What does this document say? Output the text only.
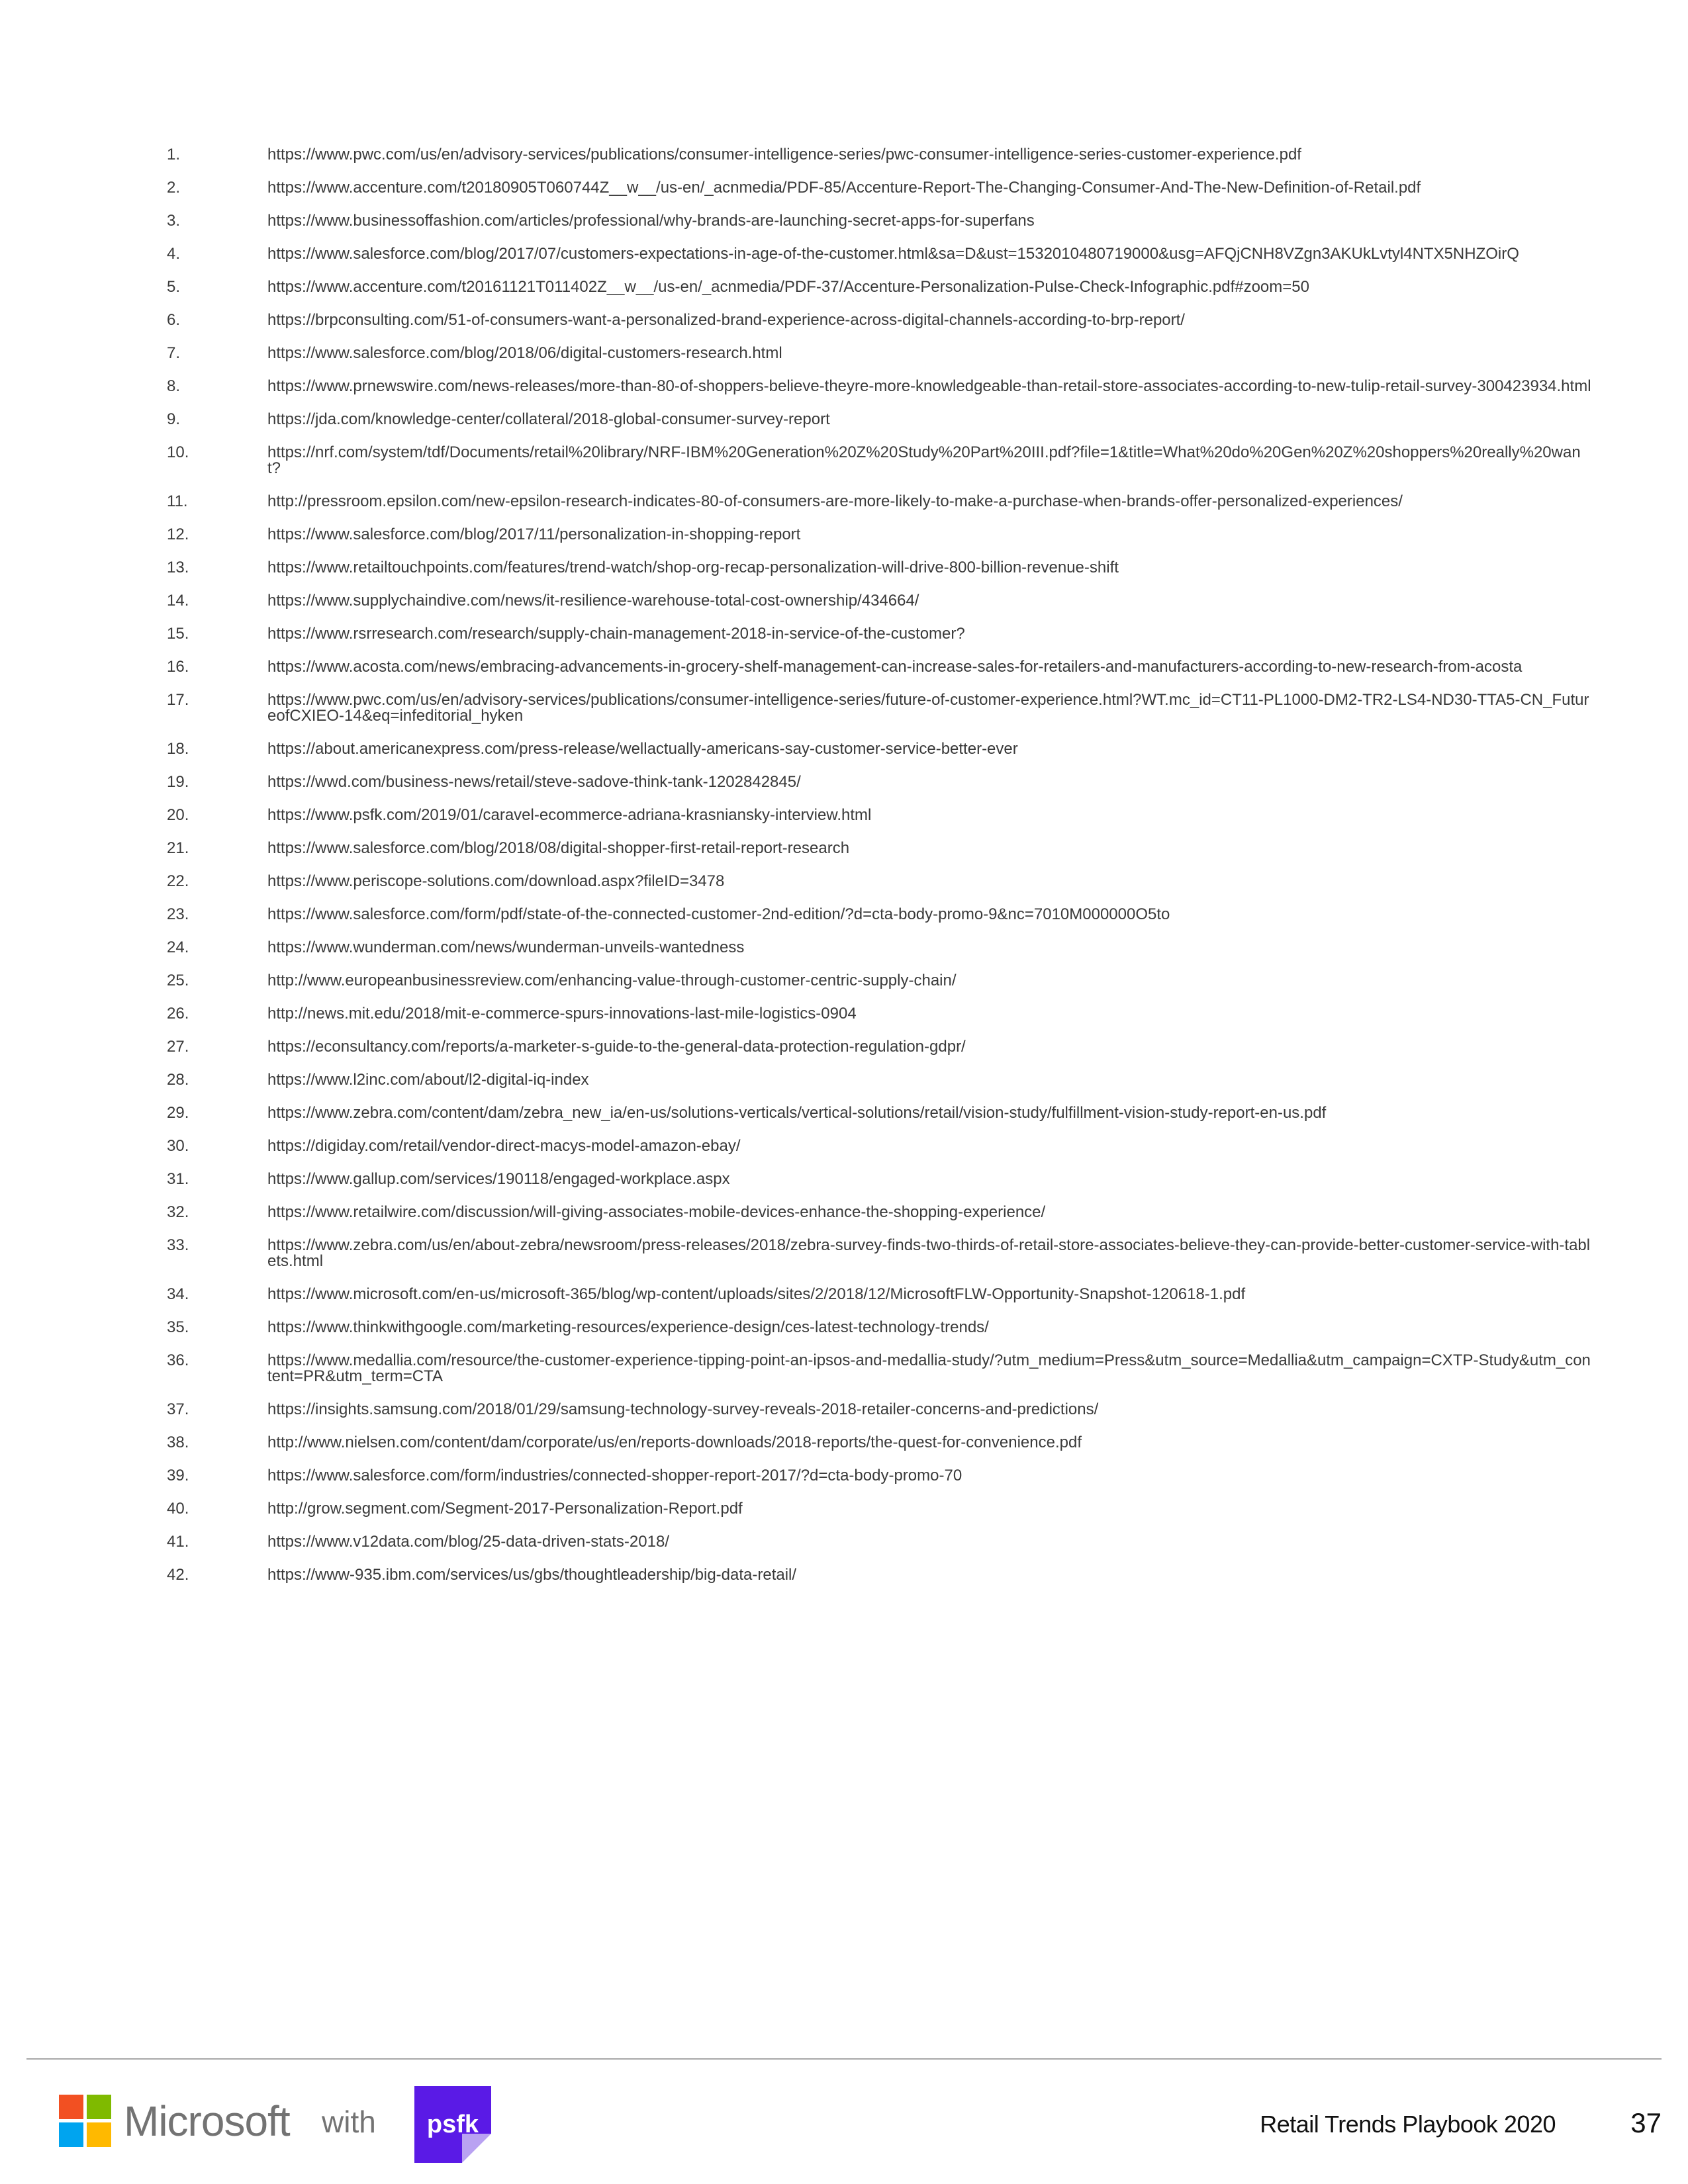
1.	https://www.pwc.com/us/en/advisory-services/publications/consumer-intelligence-series/pwc-consumer-intelligence-series-customer-experience.pdf
2.	https://www.accenture.com/t20180905T060744Z__w__/us-en/_acnmedia/PDF-85/Accenture-Report-The-Changing-Consumer-And-The-New-Definition-of-Retail.pdf
3.	https://www.businessoffashion.com/articles/professional/why-brands-are-launching-secret-apps-for-superfans
4.	https://www.salesforce.com/blog/2017/07/customers-expectations-in-age-of-the-customer.html&sa=D&ust=1532010480719000&usg=AFQjCNH8VZgn3AKUkLvtyl4NTX5NHZOirQ
5.	https://www.accenture.com/t20161121T011402Z__w__/us-en/_acnmedia/PDF-37/Accenture-Personalization-Pulse-Check-Infographic.pdf#zoom=50
6.	https://brpconsulting.com/51-of-consumers-want-a-personalized-brand-experience-across-digital-channels-according-to-brp-report/
7.	https://www.salesforce.com/blog/2018/06/digital-customers-research.html
8.	https://www.prnewswire.com/news-releases/more-than-80-of-shoppers-believe-theyre-more-knowledgeable-than-retail-store-associates-according-to-new-tulip-retail-survey-300423934.html
9.	https://jda.com/knowledge-center/collateral/2018-global-consumer-survey-report
10.	https://nrf.com/system/tdf/Documents/retail%20library/NRF-IBM%20Generation%20Z%20Study%20Part%20III.pdf?file=1&title=What%20do%20Gen%20Z%20shoppers%20really%20want?
11.	http://pressroom.epsilon.com/new-epsilon-research-indicates-80-of-consumers-are-more-likely-to-make-a-purchase-when-brands-offer-personalized-experiences/
12.	https://www.salesforce.com/blog/2017/11/personalization-in-shopping-report
13.	https://www.retailtouchpoints.com/features/trend-watch/shop-org-recap-personalization-will-drive-800-billion-revenue-shift
14.	https://www.supplychaindive.com/news/it-resilience-warehouse-total-cost-ownership/434664/
15.	https://www.rsrresearch.com/research/supply-chain-management-2018-in-service-of-the-customer?
16.	https://www.acosta.com/news/embracing-advancements-in-grocery-shelf-management-can-increase-sales-for-retailers-and-manufacturers-according-to-new-research-from-acosta
17.	https://www.pwc.com/us/en/advisory-services/publications/consumer-intelligence-series/future-of-customer-experience.html?WT.mc_id=CT11-PL1000-DM2-TR2-LS4-ND30-TTA5-CN_FutureofCXIEO-14&eq=infeditorial_hyken
18.	https://about.americanexpress.com/press-release/wellactually-americans-say-customer-service-better-ever
19.	https://wwd.com/business-news/retail/steve-sadove-think-tank-1202842845/
20.	https://www.psfk.com/2019/01/caravel-ecommerce-adriana-krasniansky-interview.html
21.	https://www.salesforce.com/blog/2018/08/digital-shopper-first-retail-report-research
22.	https://www.periscope-solutions.com/download.aspx?fileID=3478
23.	https://www.salesforce.com/form/pdf/state-of-the-connected-customer-2nd-edition/?d=cta-body-promo-9&nc=7010M000000O5to
24.	https://www.wunderman.com/news/wunderman-unveils-wantedness
25.	http://www.europeanbusinessreview.com/enhancing-value-through-customer-centric-supply-chain/
26.	http://news.mit.edu/2018/mit-e-commerce-spurs-innovations-last-mile-logistics-0904
27.	https://econsultancy.com/reports/a-marketer-s-guide-to-the-general-data-protection-regulation-gdpr/
28.	https://www.l2inc.com/about/l2-digital-iq-index
29.	https://www.zebra.com/content/dam/zebra_new_ia/en-us/solutions-verticals/vertical-solutions/retail/vision-study/fulfillment-vision-study-report-en-us.pdf
30.	https://digiday.com/retail/vendor-direct-macys-model-amazon-ebay/
31.	https://www.gallup.com/services/190118/engaged-workplace.aspx
32.	https://www.retailwire.com/discussion/will-giving-associates-mobile-devices-enhance-the-shopping-experience/
33.	https://www.zebra.com/us/en/about-zebra/newsroom/press-releases/2018/zebra-survey-finds-two-thirds-of-retail-store-associates-believe-they-can-provide-better-customer-service-with-tablets.html
34.	https://www.microsoft.com/en-us/microsoft-365/blog/wp-content/uploads/sites/2/2018/12/MicrosoftFLW-Opportunity-Snapshot-120618-1.pdf
35.	https://www.thinkwithgoogle.com/marketing-resources/experience-design/ces-latest-technology-trends/
36.	https://www.medallia.com/resource/the-customer-experience-tipping-point-an-ipsos-and-medallia-study/?utm_medium=Press&utm_source=Medallia&utm_campaign=CXTP-Study&utm_content=PR&utm_term=CTA
37.	https://insights.samsung.com/2018/01/29/samsung-technology-survey-reveals-2018-retailer-concerns-and-predictions/
38.	http://www.nielsen.com/content/dam/corporate/us/en/reports-downloads/2018-reports/the-quest-for-convenience.pdf
39.	https://www.salesforce.com/form/industries/connected-shopper-report-2017/?d=cta-body-promo-70
40.	http://grow.segment.com/Segment-2017-Personalization-Report.pdf
41.	https://www.v12data.com/blog/25-data-driven-stats-2018/
42.	https://www-935.ibm.com/services/us/gbs/thoughtleadership/big-data-retail/
Microsoft with	psfk	Retail Trends Playbook 2020	37
